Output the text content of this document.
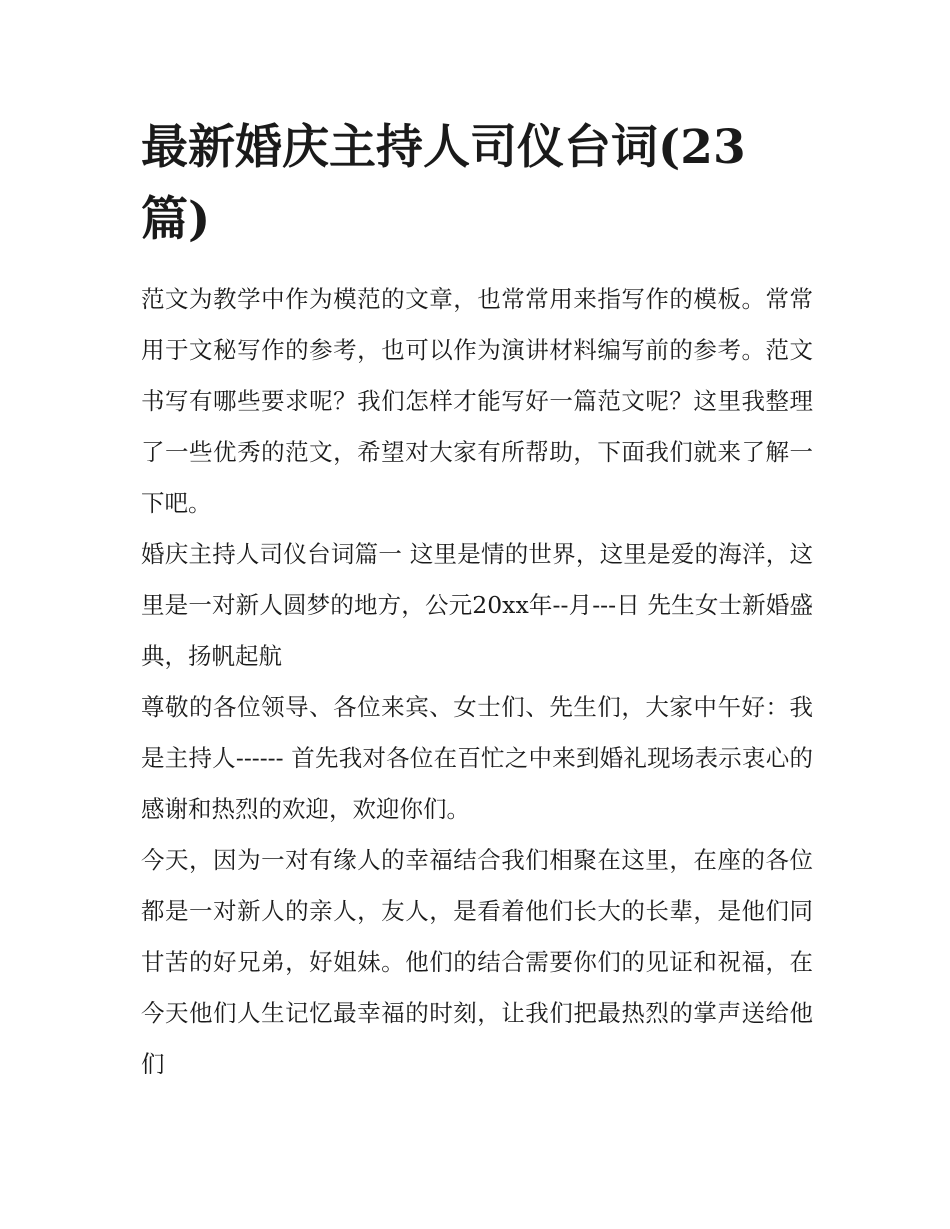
最新婚庆主持人司仪台词(23篇)

范文为教学中作为模范的文章，也常常用来指写作的模板。常常用于文秘写作的参考，也可以作为演讲材料编写前的参考。范文书写有哪些要求呢？我们怎样才能写好一篇范文呢？这里我整理了一些优秀的范文，希望对大家有所帮助，下面我们就来了解一下吧。

婚庆主持人司仪台词篇一 这里是情的世界，这里是爱的海洋，这里是一对新人圆梦的地方，公元20xx年--月---日 先生女士新婚盛典，扬帆起航

尊敬的各位领导、各位来宾、女士们、先生们，大家中午好：我是主持人------ 首先我对各位在百忙之中来到婚礼现场表示衷心的感谢和热烈的欢迎，欢迎你们。

今天，因为一对有缘人的幸福结合我们相聚在这里，在座的各位都是一对新人的亲人，友人，是看着他们长大的长辈，是他们同甘苦的好兄弟，好姐妹。他们的结合需要你们的见证和祝福，在今天他们人生记忆最幸福的时刻，让我们把最热烈的掌声送给他们
